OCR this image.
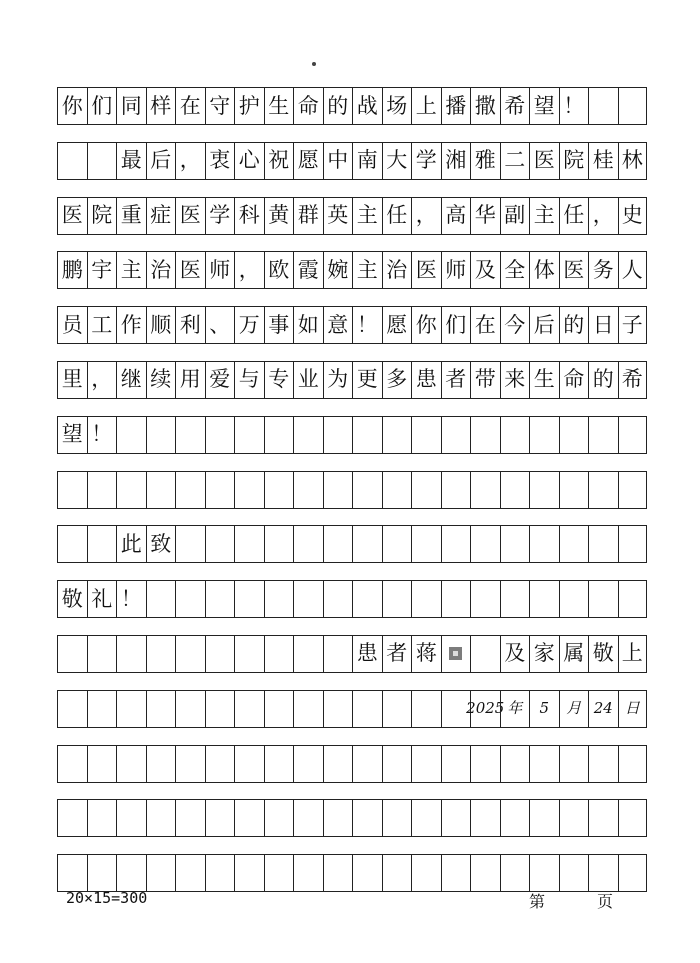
你 们 同 样 在 守 护 生 命 的 战 场 上 播 撒 希 望 ！
最 后 ， 衷 心 祝 愿 中 南 大 学 湘 雅 二 医 院 桂 林
医 院 重 症 医 学 科 黄 群 英 主 任 ， 高 华 副 主 任 ， 史
鹏 宇 主 治 医 师 ， 欧 霞 婉 主 治 医 师 及 全 体 医 务 人
员 工 作 顺 利 、 万 事 如 意 ！ 愿 你 们 在 今 后 的 日 子
里 ， 继 续 用 爱 与 专 业 为 更 多 患 者 带 来 生 命 的 希
望 ！
此 致
敬 礼 ！
患 者 蒋	及 家 属 敬 上
2025 年	5	月 24 日
20×15=300	第	页
